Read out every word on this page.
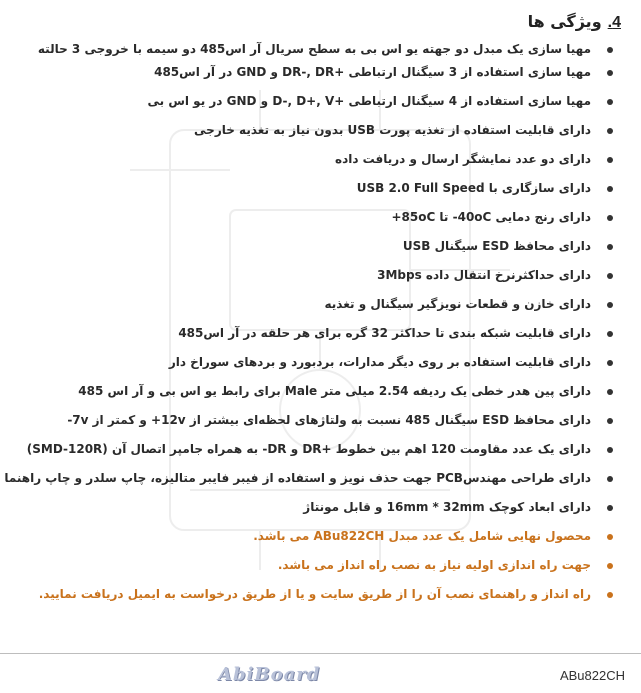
4.
ویژگی ها
مهیا سازی یک مبدل دو جهته یو اس بی به سطح سریال آر اس485 دو سیمه با خروجی 3 حالته
مهیا سازی استفاده از 3 سیگنال ارتباطی +DR-, DR و GND در آر اس485
مهیا سازی استفاده از 4 سیگنال ارتباطی +D-, D+, V و GND در یو اس بی
دارای قابلیت استفاده از تغذیه پورت USB بدون نیاز به تغذیه خارجی
دارای دو عدد نمایشگر ارسال و دریافت داده
دارای سازگاری با USB 2.0 Full Speed
دارای رنج دمایی 40oC- تا 85oC+
دارای محافظ ESD سیگنال USB
دارای حداکثرنرخ انتقال داده 3Mbps
دارای خازن و قطعات نویزگیر سیگنال و تغذیه
دارای قابلیت شبکه بندی تا حداکثر 32 گره برای هر حلقه در آر اس485
دارای قابلیت استفاده بر روی دیگر مدارات، بردبورد و بردهای سوراخ دار
دارای پین هدر خطی یک ردیفه 2.54 میلی متر Male برای رابط یو اس بی و آر اس 485
دارای محافظ ESD سیگنال 485 نسبت به ولتاژهای لحظه‌ای بیشتر از 12v+ و کمتر از 7v-
دارای یک عدد مقاومت 120 اهم بین خطوط +DR و DR- به همراه جامپر اتصال آن (SMD-120R)
دارای طراحی مهندسPCB جهت حذف نویز و استفاده از فیبر فایبر متالیزه، چاپ سلدر و چاپ راهنما
دارای ابعاد کوچک 16mm * 32mm و قابل مونتاژ
محصول نهایی شامل یک عدد مبدل ABu822CH می باشد.
جهت راه اندازی اولیه نیاز به نصب راه انداز می باشد.
راه انداز و راهنمای نصب آن را از طریق سایت و یا از طریق درخواست به ایمیل دریافت نمایید.
AbiBoard	ABu822CH
